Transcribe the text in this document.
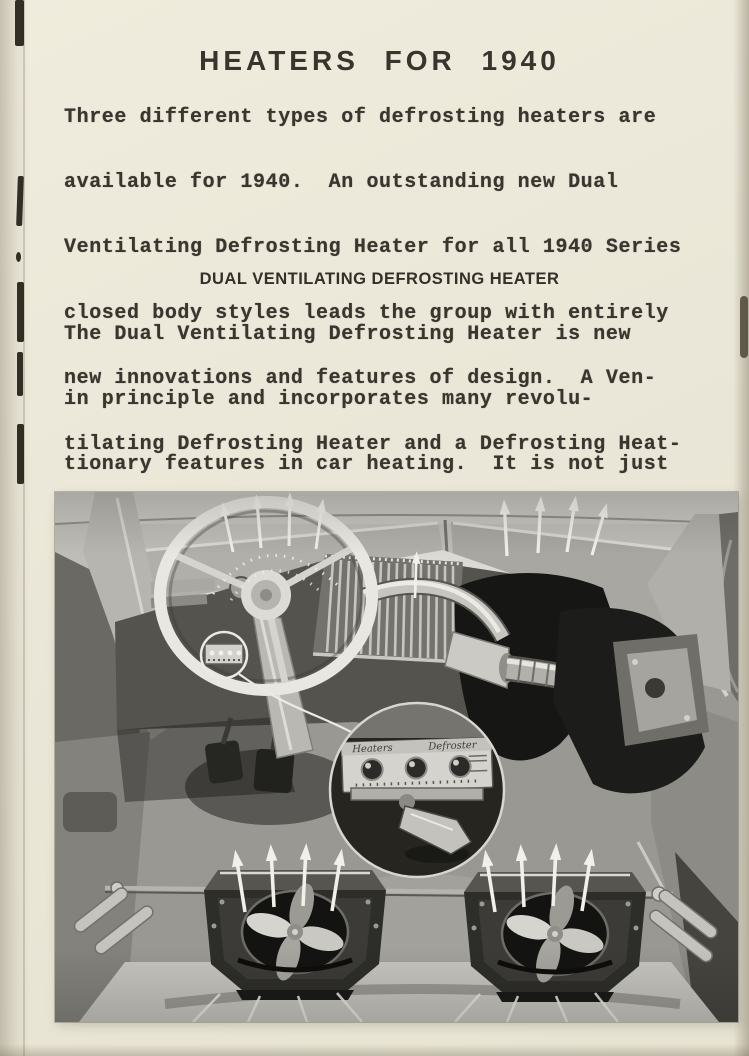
HEATERS FOR 1940

Three different types of defrosting heaters are

available for 1940.  An outstanding new Dual

Ventilating Defrosting Heater for all 1940 Series

closed body styles leads the group with entirely

new innovations and features of design.  A Ven-

tilating Defrosting Heater and a Defrosting Heat-

DUAL VENTILATING DEFROSTING HEATER

The Dual Ventilating Defrosting Heater is new

in principle and incorporates many revolu-

tionary features in car heating.  It is not just
